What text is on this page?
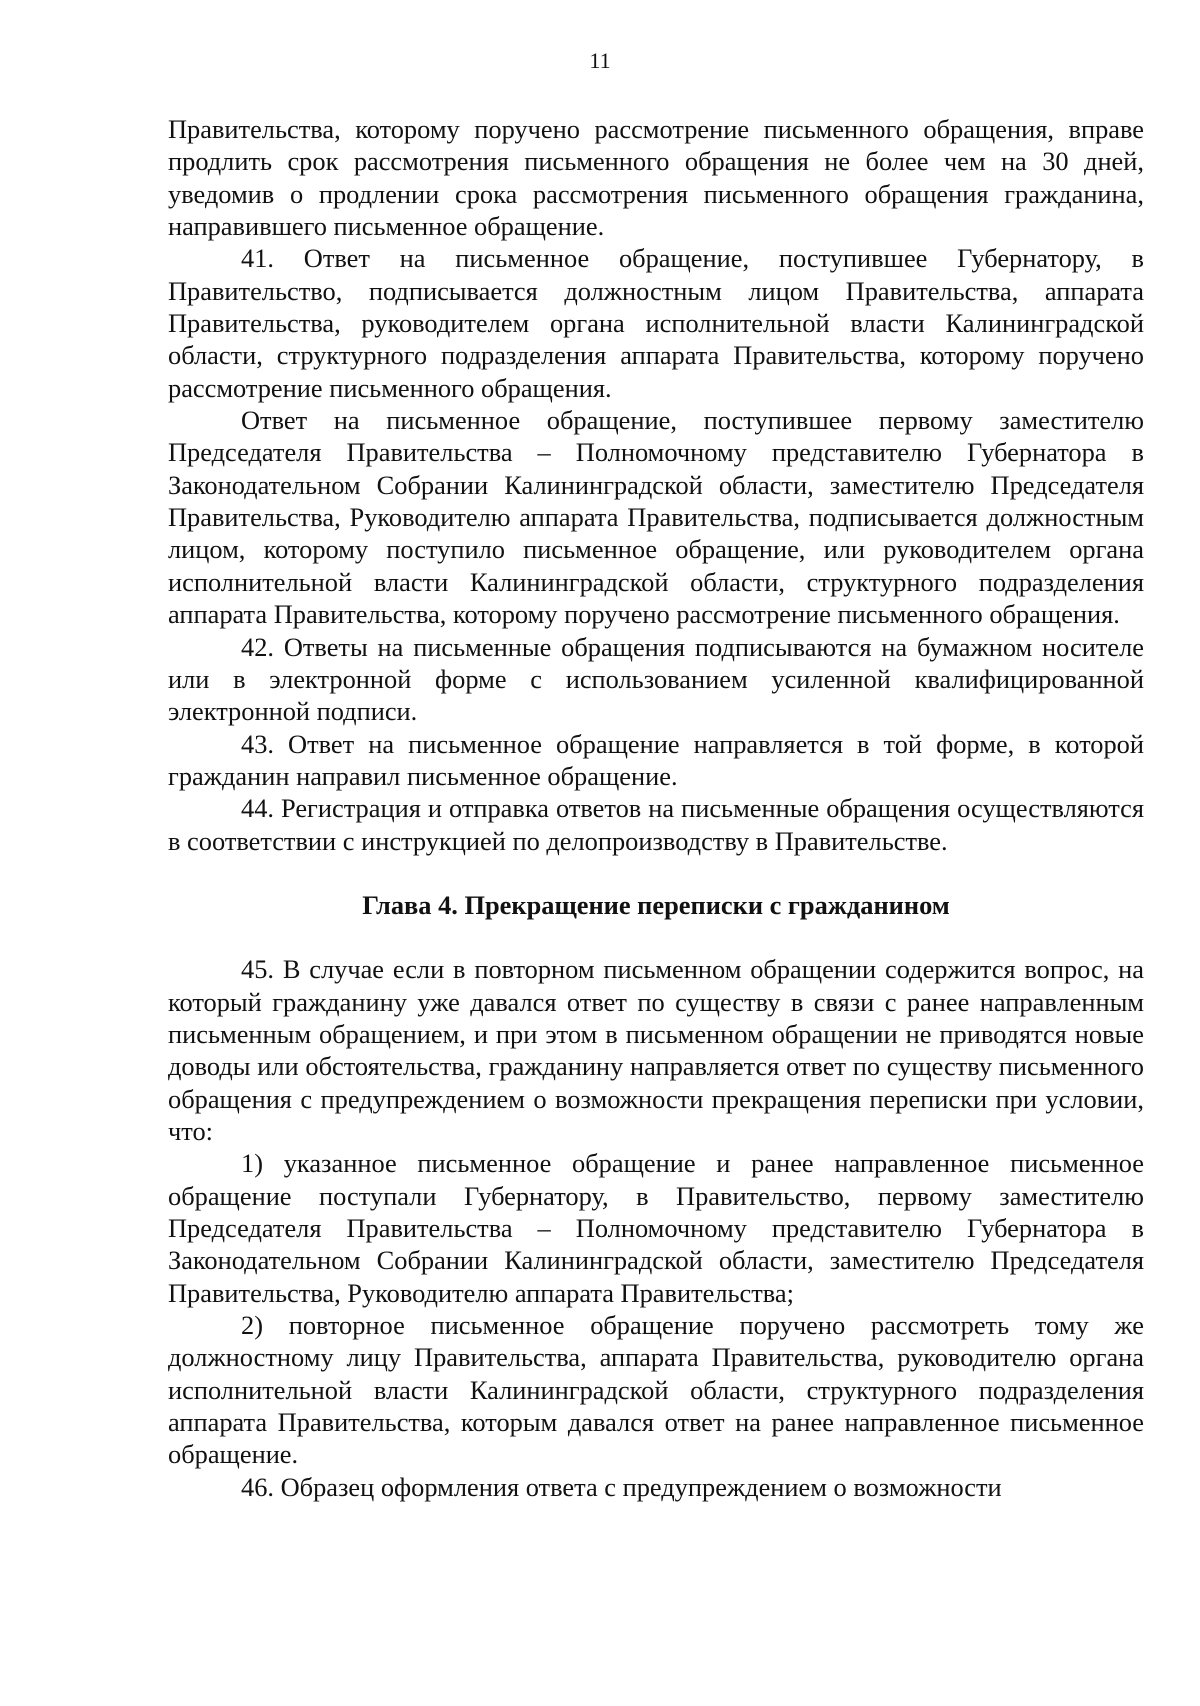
11

Правительства, которому поручено рассмотрение письменного обращения, вправе продлить срок рассмотрения письменного обращения не более чем на 30 дней, уведомив о продлении срока рассмотрения письменного обращения гражданина, направившего письменное обращение.

41. Ответ на письменное обращение, поступившее Губернатору, в Правительство, подписывается должностным лицом Правительства, аппарата Правительства, руководителем органа исполнительной власти Калининградской области, структурного подразделения аппарата Правительства, которому поручено рассмотрение письменного обращения.

Ответ на письменное обращение, поступившее первому заместителю Председателя Правительства – Полномочному представителю Губернатора в Законодательном Собрании Калининградской области, заместителю Председателя Правительства, Руководителю аппарата Правительства, подписывается должностным лицом, которому поступило письменное обращение, или руководителем органа исполнительной власти Калининградской области, структурного подразделения аппарата Правительства, которому поручено рассмотрение письменного обращения.

42. Ответы на письменные обращения подписываются на бумажном носителе или в электронной форме с использованием усиленной квалифицированной электронной подписи.

43. Ответ на письменное обращение направляется в той форме, в которой гражданин направил письменное обращение.

44. Регистрация и отправка ответов на письменные обращения осуществляются в соответствии с инструкцией по делопроизводству в Правительстве.

Глава 4. Прекращение переписки с гражданином

45. В случае если в повторном письменном обращении содержится вопрос, на который гражданину уже давался ответ по существу в связи с ранее направленным письменным обращением, и при этом в письменном обращении не приводятся новые доводы или обстоятельства, гражданину направляется ответ по существу письменного обращения с предупреждением о возможности прекращения переписки при условии, что:

1) указанное письменное обращение и ранее направленное письменное обращение поступали Губернатору, в Правительство, первому заместителю Председателя Правительства – Полномочному представителю Губернатора в Законодательном Собрании Калининградской области, заместителю Председателя Правительства, Руководителю аппарата Правительства;

2) повторное письменное обращение поручено рассмотреть тому же должностному лицу Правительства, аппарата Правительства, руководителю органа исполнительной власти Калининградской области, структурного подразделения аппарата Правительства, которым давался ответ на ранее направленное письменное обращение.

46. Образец оформления ответа с предупреждением о возможности
